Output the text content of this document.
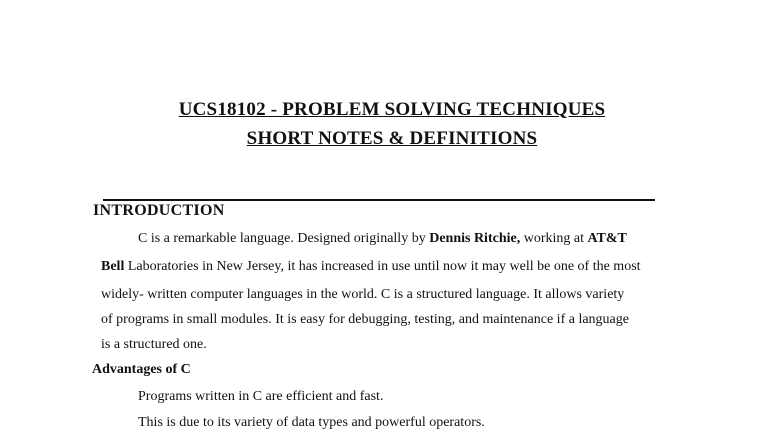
UCS18102 - PROBLEM SOLVING TECHNIQUES
SHORT NOTES & DEFINITIONS
INTRODUCTION
C is a remarkable language. Designed originally by Dennis Ritchie, working at AT&T
Bell Laboratories in New Jersey, it has increased in use until now it may well be one of the most
widely- written computer languages in the world. C is a structured language. It allows variety
of programs in small modules. It is easy for debugging, testing, and maintenance if a language
is a structured one.
Advantages of C
Programs written in C are efficient and fast.
This is due to its variety of data types and powerful operators.
